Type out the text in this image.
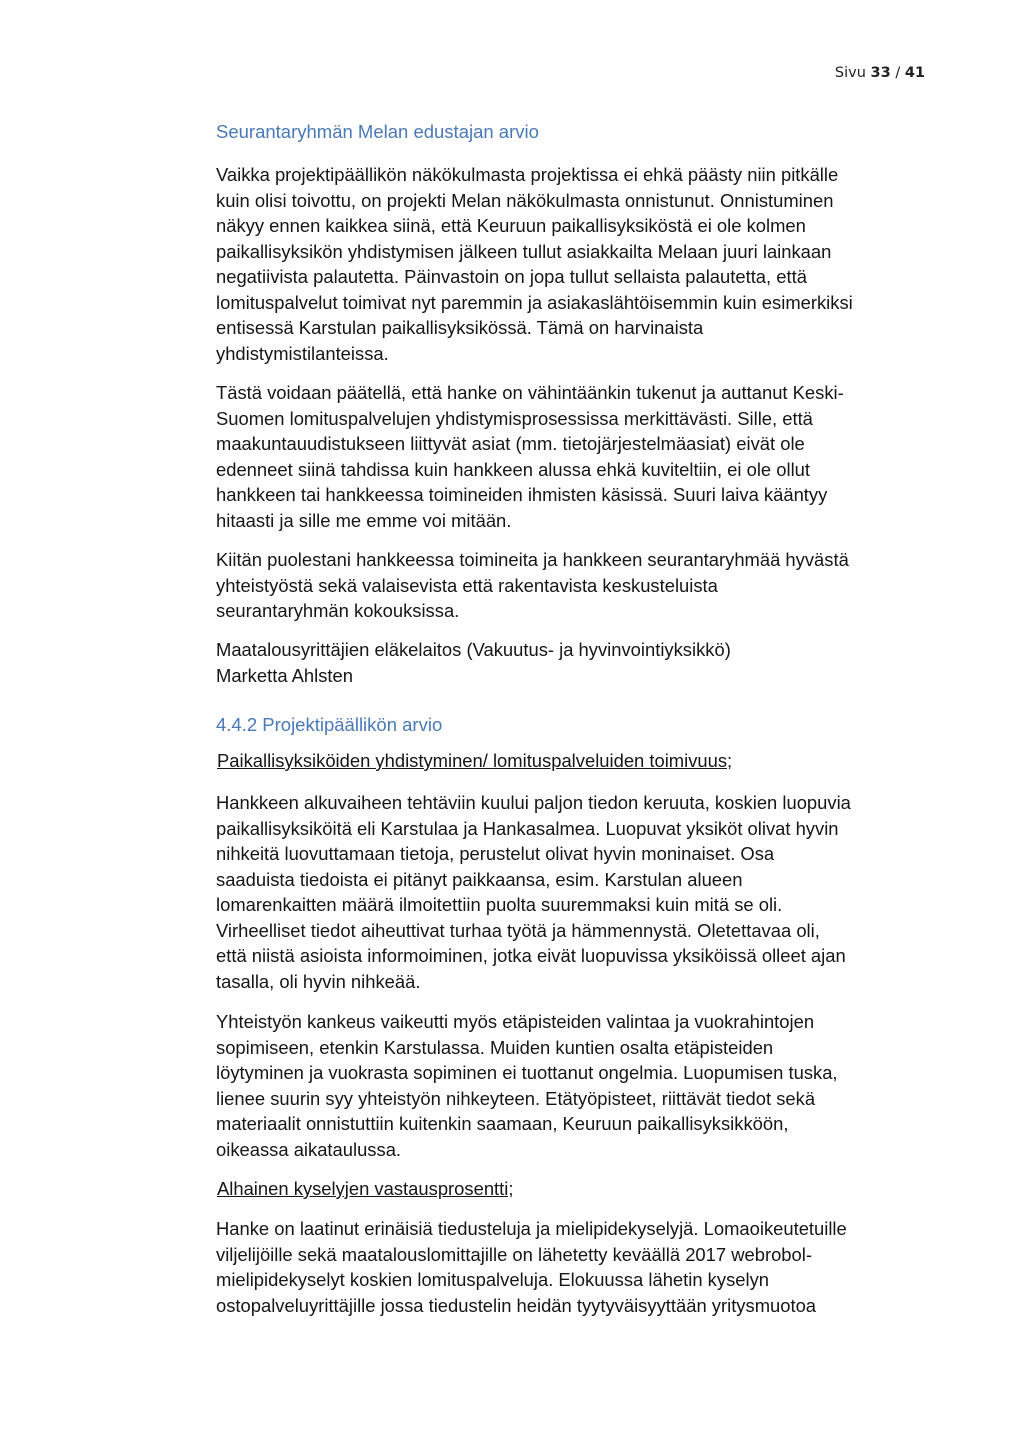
Sivu 33 / 41
Seurantaryhmän Melan edustajan arvio

Vaikka projektipäällikön näkökulmasta projektissa ei ehkä päästy niin pitkälle
kuin olisi toivottu, on projekti Melan näkökulmasta onnistunut. Onnistuminen
näkyy ennen kaikkea siinä, että Keuruun paikallisyksiköstä ei ole kolmen
paikallisyksikön yhdistymisen jälkeen tullut asiakkailta Melaan juuri lainkaan
negatiivista palautetta. Päinvastoin on jopa tullut sellaista palautetta, että
lomituspalvelut toimivat nyt paremmin ja asiakaslähtöisemmin kuin esimerkiksi
entisessä Karstulan paikallisyksikössä. Tämä on harvinaista
yhdistymistilanteissa.

Tästä voidaan päätellä, että hanke on vähintäänkin tukenut ja auttanut Keski-
Suomen lomituspalvelujen yhdistymisprosessissa merkittävästi. Sille, että
maakuntauudistukseen liittyvät asiat (mm. tietojärjestelmäasiat) eivät ole
edenneet siinä tahdissa kuin hankkeen alussa ehkä kuviteltiin, ei ole ollut
hankkeen tai hankkeessa toimineiden ihmisten käsissä. Suuri laiva kääntyy
hitaasti ja sille me emme voi mitään.

Kiitän puolestani hankkeessa toimineita ja hankkeen seurantaryhmää hyvästä
yhteistyöstä sekä valaisevista että rakentavista keskusteluista
seurantaryhmän kokouksissa.

Maatalousyrittäjien eläkelaitos (Vakuutus- ja hyvinvointiyksikkö)
Marketta Ahlsten

4.4.2 Projektipäällikön arvio

Paikallisyksiköiden yhdistyminen/ lomituspalveluiden toimivuus;

Hankkeen alkuvaiheen tehtäviin kuului paljon tiedon keruuta, koskien luopuvia
paikallisyksiköitä eli Karstulaa ja Hankasalmea. Luopuvat yksiköt olivat hyvin
nihkeitä luovuttamaan tietoja, perustelut olivat hyvin moninaiset. Osa
saaduista tiedoista ei pitänyt paikkaansa, esim. Karstulan alueen
lomarenkaitten määrä ilmoitettiin puolta suuremmaksi kuin mitä se oli.
Virheelliset tiedot aiheuttivat turhaa työtä ja hämmennystä. Oletettavaa oli,
että niistä asioista informoiminen, jotka eivät luopuvissa yksiköissä olleet ajan
tasalla, oli hyvin nihkeää.

Yhteistyön kankeus vaikeutti myös etäpisteiden valintaa ja vuokrahintojen
sopimiseen, etenkin Karstulassa. Muiden kuntien osalta etäpisteiden
löytyminen ja vuokrasta sopiminen ei tuottanut ongelmia. Luopumisen tuska,
lienee suurin syy yhteistyön nihkeyteen. Etätyöpisteet, riittävät tiedot sekä
materiaalit onnistuttiin kuitenkin saamaan, Keuruun paikallisyksikköön,
oikeassa aikataulussa.

Alhainen kyselyjen vastausprosentti;

Hanke on laatinut erinäisiä tiedusteluja ja mielipidekyselyjä. Lomaoikeutetuille
viljelijöille sekä maatalouslomittajille on lähetetty keväällä 2017 webrobol-
mielipidekyselyt koskien lomituspalveluja. Elokuussa lähetin kyselyn
ostopalveluyrittäjille jossa tiedustelin heidän tyytyväisyyttään yritysmuotoa
